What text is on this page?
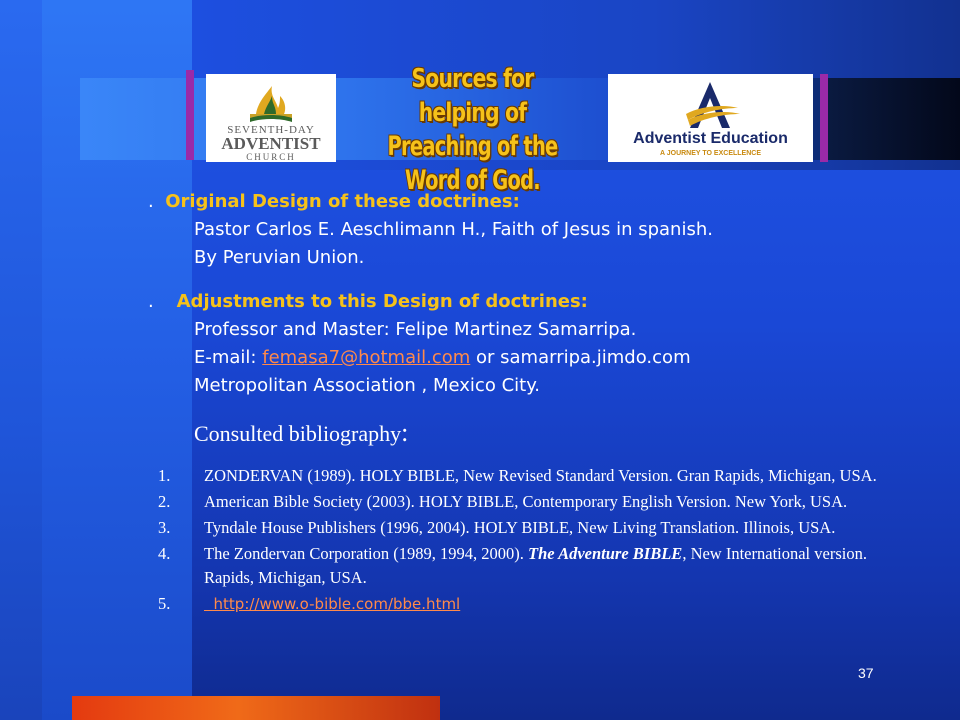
SEVENTH-DAY
ADVENTIST
CHURCH
Sources for helping of
Preaching of the Word of God.
Adventist Education
A JOURNEY TO EXCELLENCE
. Original Design of these doctrines:
Pastor Carlos E. Aeschlimann H., Faith of Jesus in spanish.
By Peruvian Union.
. Adjustments to this Design of doctrines:
Professor and Master: Felipe Martinez Samarripa.
E-mail: femasa7@hotmail.com or samarripa.jimdo.com
Metropolitan Association , Mexico City.
Consulted bibliography:
1. ZONDERVAN (1989). HOLY BIBLE, New Revised Standard Version. Gran Rapids, Michigan, USA.
2. American Bible Society (2003). HOLY BIBLE, Contemporary English Version. New York, USA.
3. Tyndale House Publishers (1996, 2004). HOLY BIBLE, New Living Translation. Illinois, USA.
4. The Zondervan Corporation (1989, 1994, 2000). The Adventure BIBLE, New International version. Rapids, Michigan, USA.
5. http://www.o-bible.com/bbe.html
37
